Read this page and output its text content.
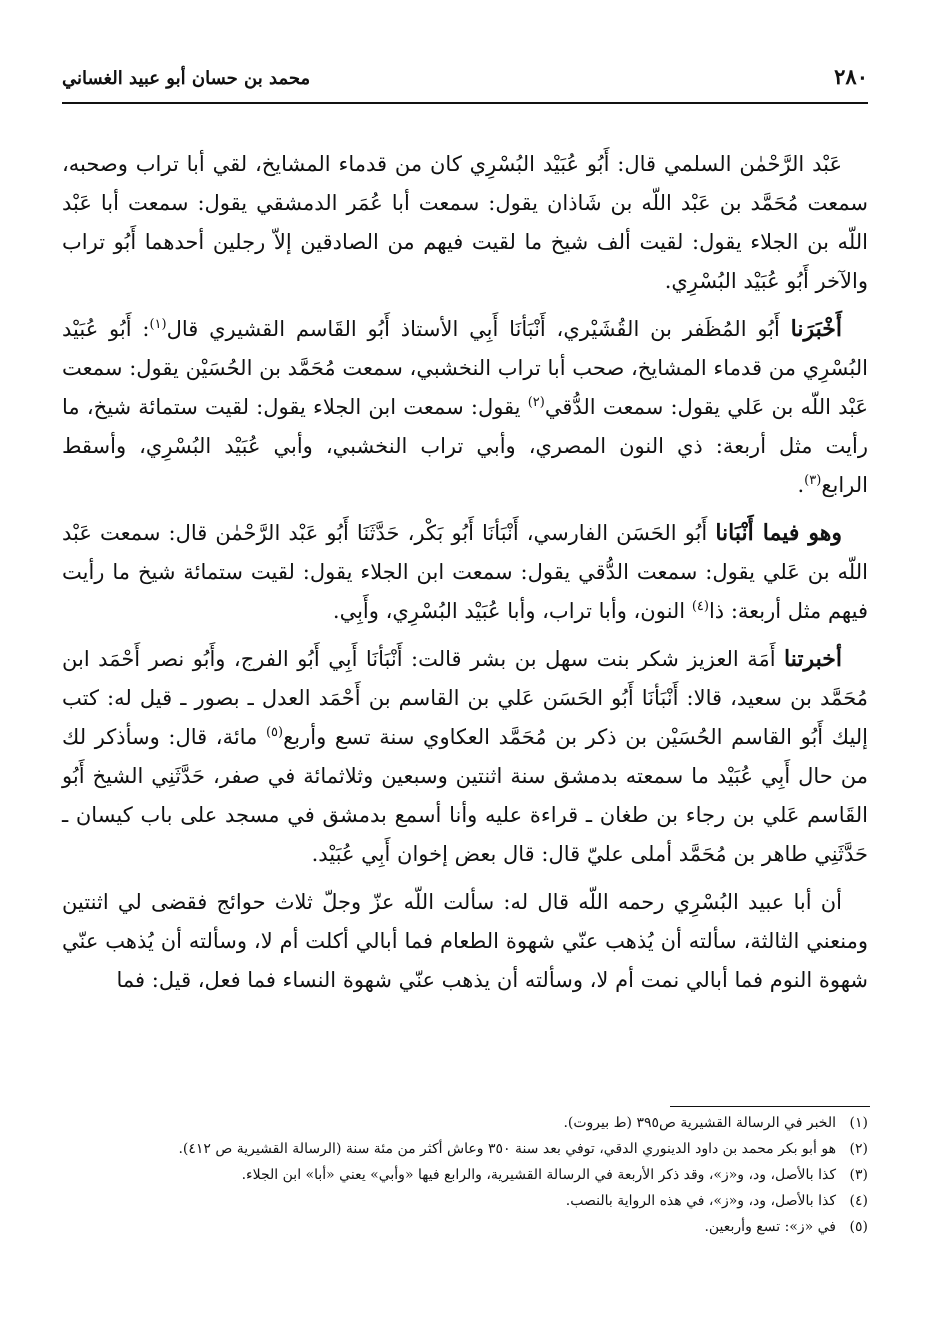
٢٨٠
محمد بن حسان أبو عبيد الغساني

عَبْد الرَّحْمٰن السلمي قال: أَبُو عُبَيْد البُسْرِي كان من قدماء المشايخ، لقي أبا تراب وصحبه، سمعت مُحَمَّد بن عَبْد اللّه بن شَاذان يقول: سمعت أبا عُمَر الدمشقي يقول: سمعت أبا عَبْد اللّه بن الجلاء يقول: لقيت ألف شيخ ما لقيت فيهم من الصادقين إلاّ رجلين أحدهما أَبُو تراب والآخر أَبُو عُبَيْد البُسْرِي.

أَخْبَرَنا أَبُو المُظَفر بن القُشَيْري، أَنْبَأنَا أَبِي الأستاذ أَبُو القَاسم القشيري قال$^{(١)}$: أَبُو عُبَيْد البُسْرِي من قدماء المشايخ، صحب أبا تراب النخشبي، سمعت مُحَمَّد بن الحُسَيْن يقول: سمعت عَبْد اللّه بن عَلي يقول: سمعت الدُّقي$^{(٢)}$ يقول: سمعت ابن الجلاء يقول: لقيت ستمائة شيخ، ما رأيت مثل أربعة: ذي النون المصري، وأبي تراب النخشبي، وأبي عُبَيْد البُسْرِي، وأسقط الرابع$^{(٣)}$.

وهو فيما أَنْبَانا أَبُو الحَسَن الفارسي، أَنْبَأنَا أَبُو بَكْر، حَدَّثَنَا أَبُو عَبْد الرَّحْمٰن قال: سمعت عَبْد اللّه بن عَلي يقول: سمعت الدُّقي يقول: سمعت ابن الجلاء يقول: لقيت ستمائة شيخ ما رأيت فيهم مثل أربعة: ذا$^{(٤)}$ النون، وأبا تراب، وأبا عُبَيْد البُسْرِي، وأَبِي.

أخبرتنا أَمَة العزيز شكر بنت سهل بن بشر قالت: أَنْبَأنَا أَبِي أَبُو الفرج، وأَبُو نصر أَحْمَد ابن مُحَمَّد بن سعيد، قالا: أَنْبَأنَا أَبُو الحَسَن عَلي بن القاسم بن أَحْمَد العدل ـ بصور ـ قيل له: كتب إليك أَبُو القاسم الحُسَيْن بن ذكر بن مُحَمَّد العكاوي سنة تسع وأربع$^{(٥)}$ مائة، قال: وسأذكر لك من حال أَبِي عُبَيْد ما سمعته بدمشق سنة اثنتين وسبعين وثلاثمائة في صفر، حَدَّثَنِي الشيخ أَبُو القَاسم عَلي بن رجاء بن طغان ـ قراءة عليه وأنا أسمع بدمشق في مسجد على باب كيسان ـ حَدَّثَنِي طاهر بن مُحَمَّد أملى عليّ قال: قال بعض إخوان أَبِي عُبَيْد.

أن أبا عبيد البُسْرِي رحمه اللّه قال له: سألت اللّه عزّ وجلّ ثلاث حوائج فقضى لي اثنتين ومنعني الثالثة، سألته أن يُذهب عنّي شهوة الطعام فما أبالي أكلت أم لا، وسألته أن يُذهب عنّي شهوة النوم فما أبالي نمت أم لا، وسألته أن يذهب عنّي شهوة النساء فما فعل، قيل: فما

(١)
الخبر في الرسالة القشيرية ص٣٩٥ (ط بيروت).
(٢)
هو أبو بكر محمد بن داود الدينوري الدقي، توفي بعد سنة ٣٥٠ وعاش أكثر من مئة سنة (الرسالة القشيرية ص ٤١٢).
(٣)
كذا بالأصل، ود، و«ز»، وقد ذكر الأربعة في الرسالة القشيرية، والرابع فيها «وأبي» يعني «أبا» ابن الجلاء.
(٤)
كذا بالأصل، ود، و«ز»، في هذه الرواية بالنصب.
(٥)
في «ز»: تسع وأربعين.
